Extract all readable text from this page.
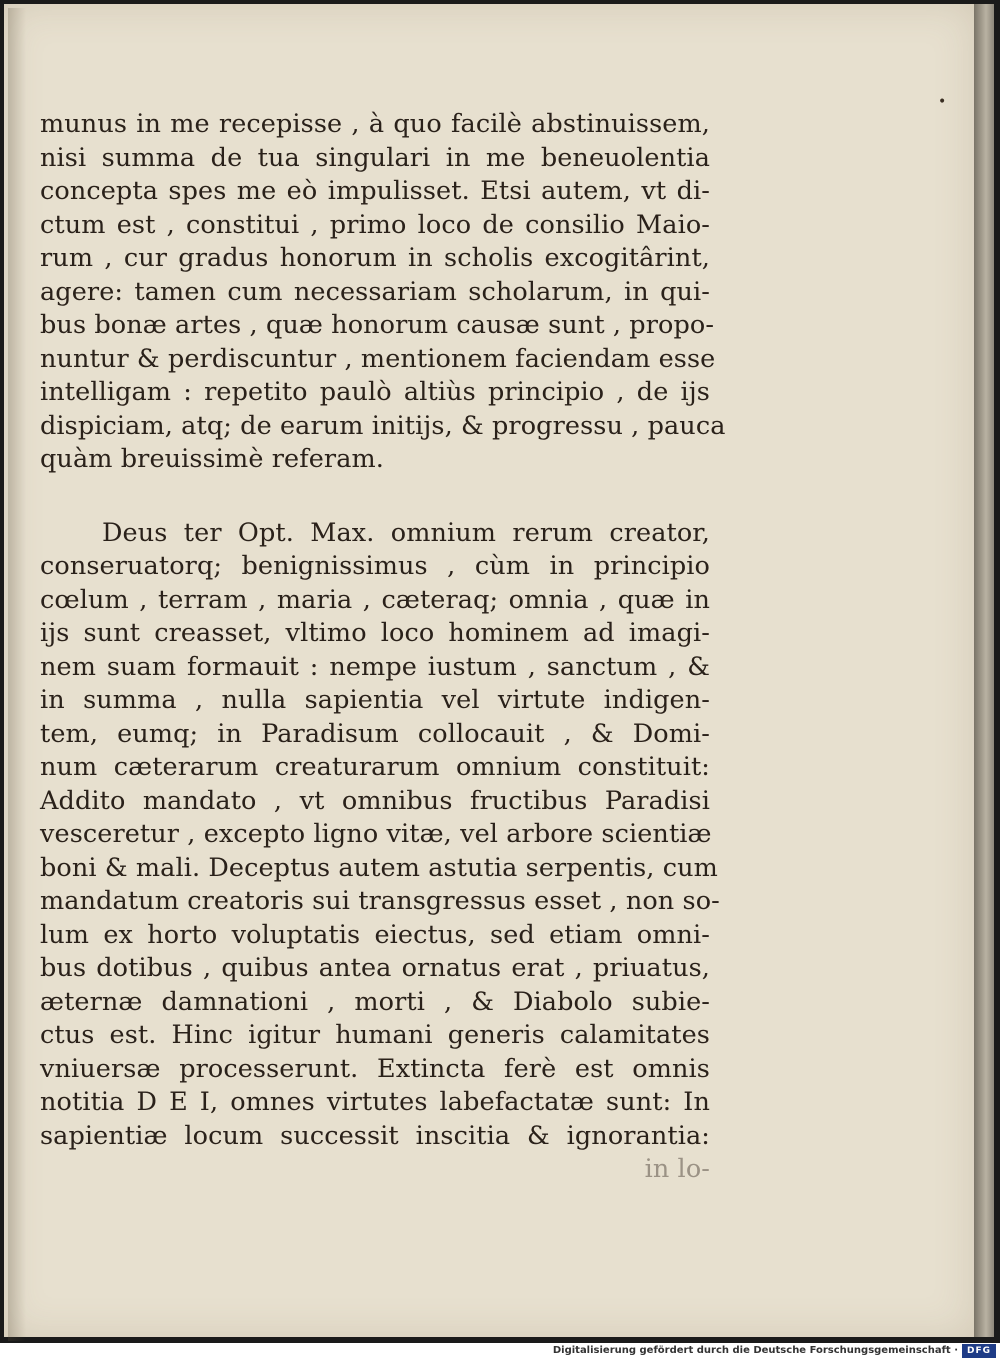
•
munus in me recepisse , à quo facilè abstinuissem,
nisi summa de tua singulari in me beneuolentia
concepta spes me eò impulisset. Etsi autem, vt di-
ctum est , constitui , primo loco de consilio Maio-
rum , cur gradus honorum in scholis excogitârint,
agere: tamen cum necessariam scholarum, in qui-
bus bonæ artes , quæ honorum causæ sunt , propo-
nuntur & perdiscuntur , mentionem faciendam esse
intelligam : repetito paulò altiùs principio , de ijs
dispiciam, atq; de earum initijs, & progressu , pauca
quàm breuissimè referam.
Deus ter Opt. Max. omnium rerum creator,
conseruatorq; benignissimus , cùm in principio
cœlum , terram , maria , cæteraq; omnia , quæ in
ijs sunt creasset, vltimo loco hominem ad imagi-
nem suam formauit : nempe iustum , sanctum , &
in summa , nulla sapientia vel virtute indigen-
tem, eumq; in Paradisum collocauit , & Domi-
num cæterarum creaturarum omnium constituit:
Addito mandato , vt omnibus fructibus Paradisi
vesceretur , excepto ligno vitæ, vel arbore scientiæ
boni & mali. Deceptus autem astutia serpentis, cum
mandatum creatoris sui transgressus esset , non so-
lum ex horto voluptatis eiectus, sed etiam omni-
bus dotibus , quibus antea ornatus erat , priuatus,
æternæ damnationi , morti , & Diabolo subie-
ctus est. Hinc igitur humani generis calamitates
vniuersæ processerunt. Extincta ferè est omnis
notitia D E I, omnes virtutes labefactatæ sunt: In
sapientiæ locum successit inscitia & ignorantia:
in lo-
Digitalisierung gefördert durch die Deutsche Forschungsgemeinschaft · DFG
